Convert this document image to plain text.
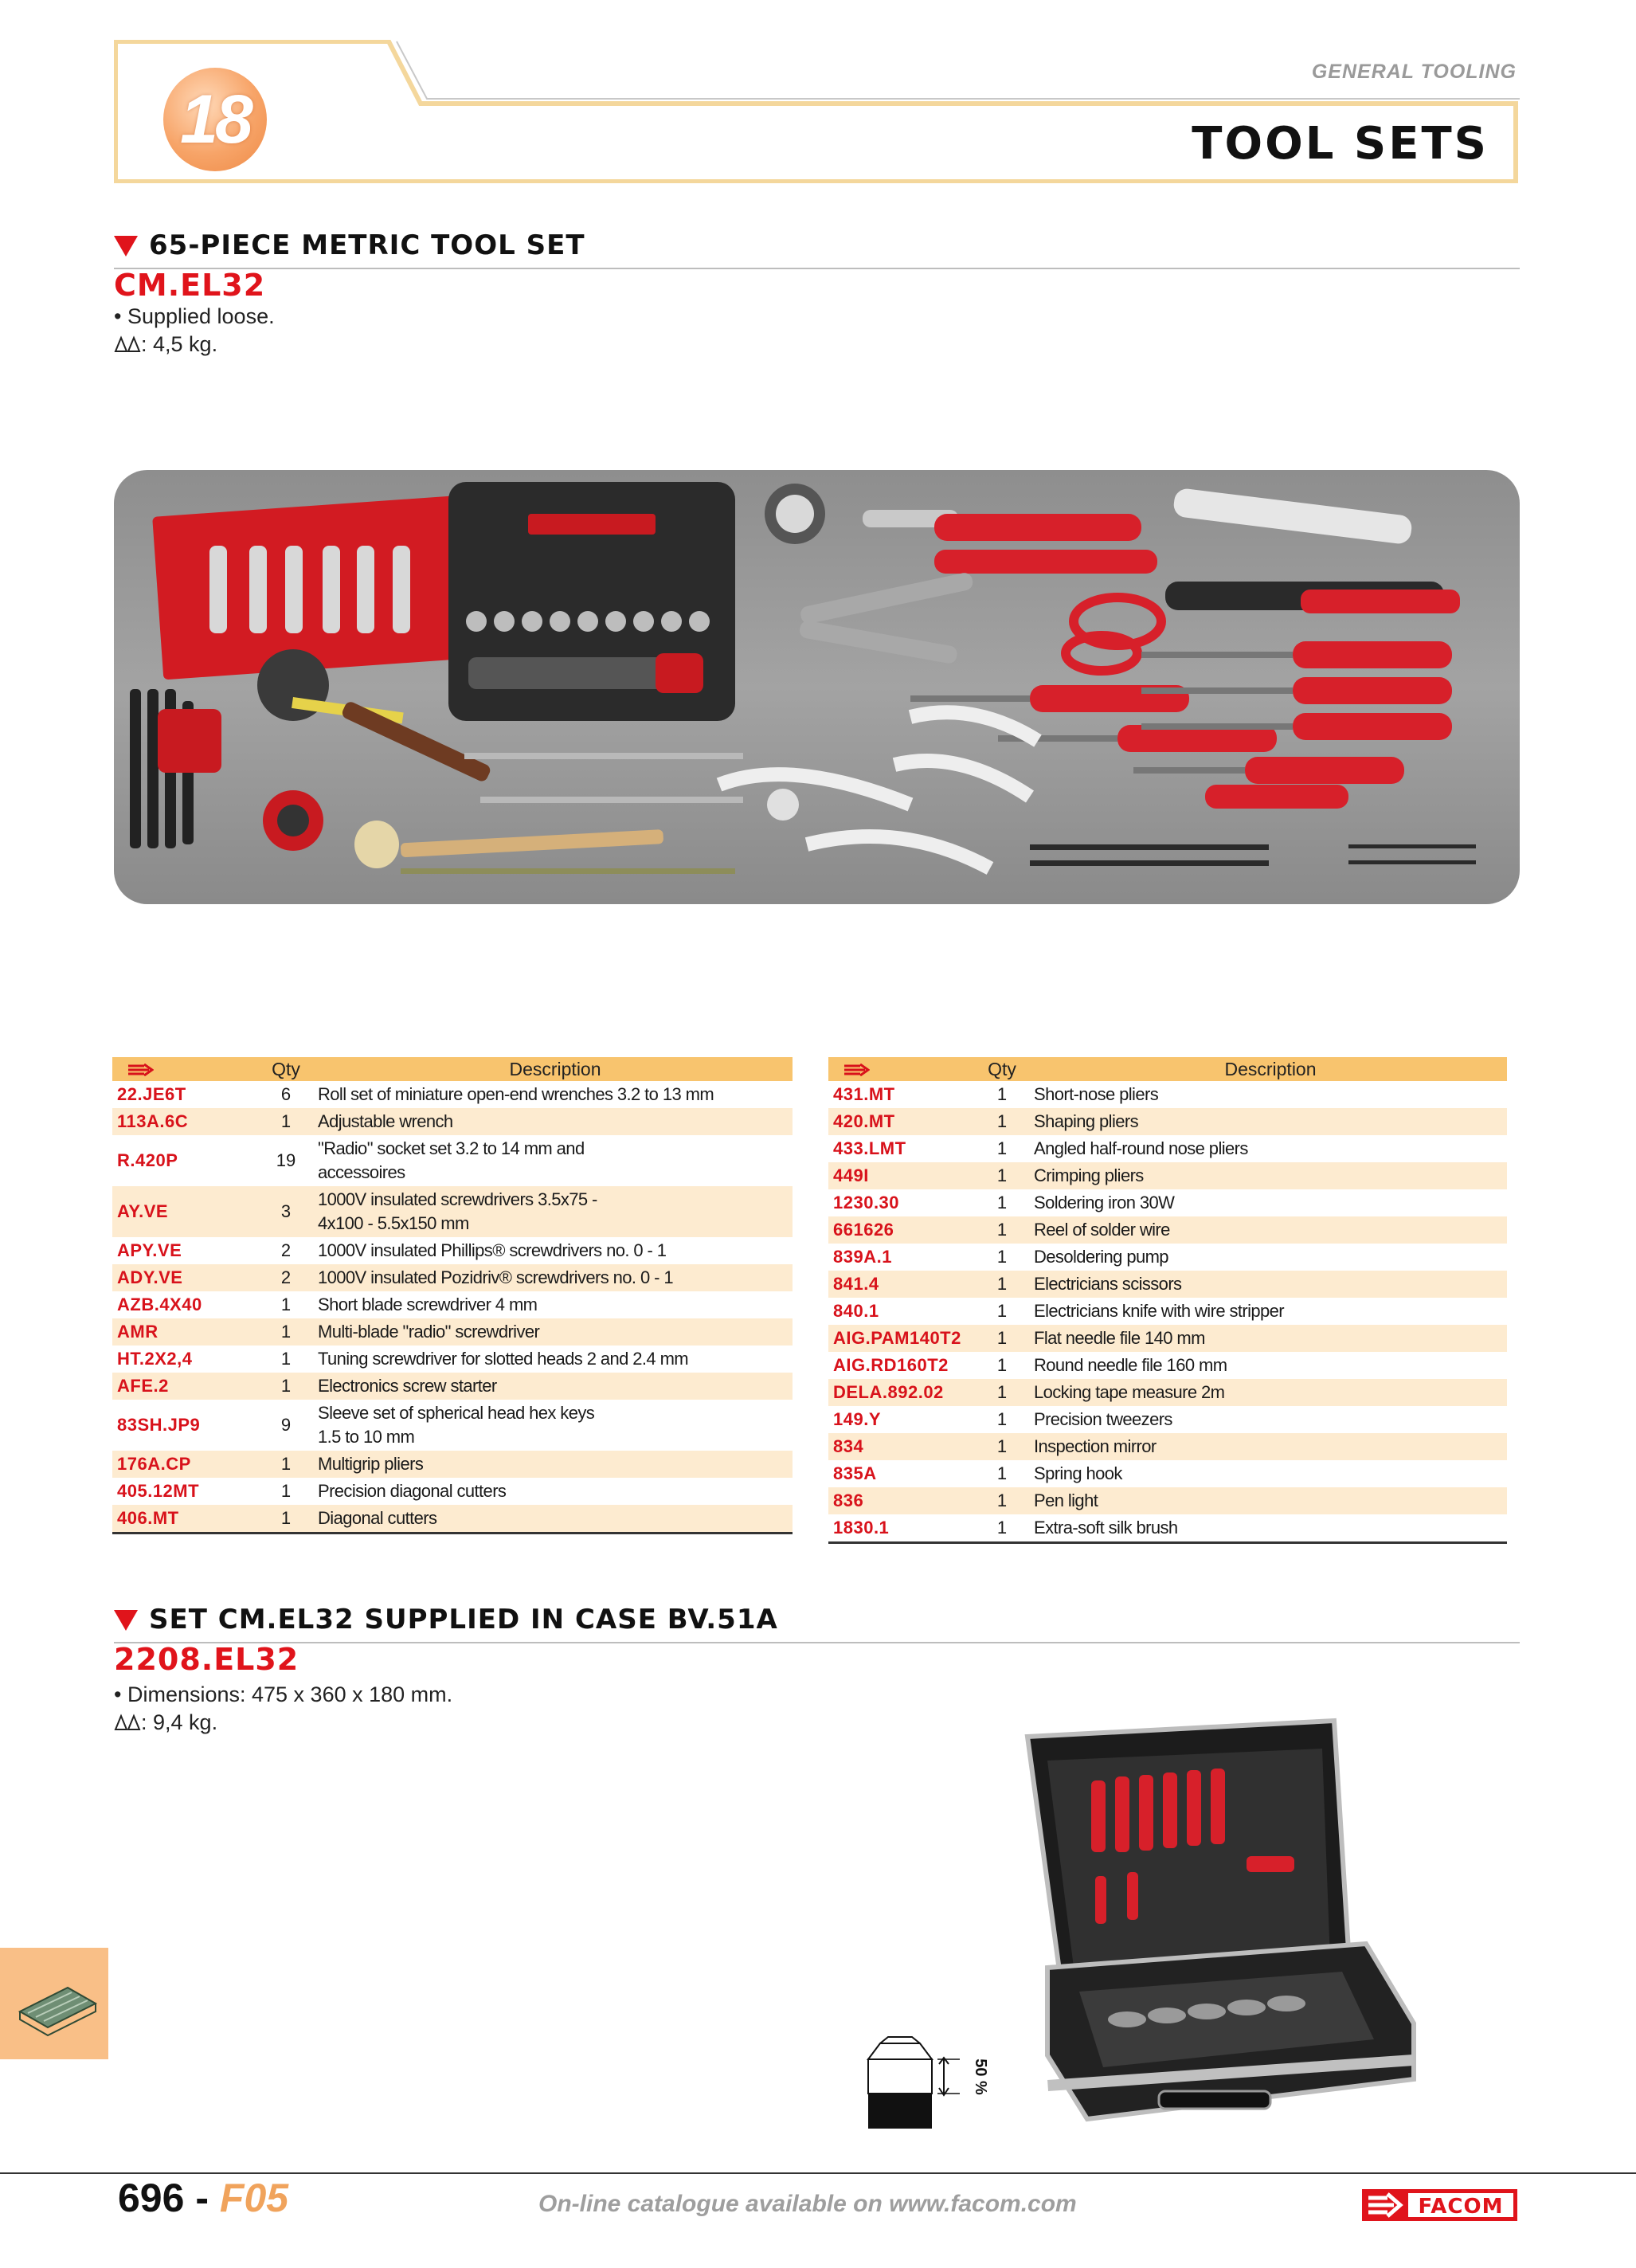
18
GENERAL TOOLING
TOOL SETS
65-PIECE METRIC TOOL SET
CM.EL32
• Supplied loose.
: 4,5 kg.
	Qty	Description
22.JE6T	6	Roll set of miniature open-end wrenches 3.2 to 13 mm

113A.6C	1	Adjustable wrench

R.420P	19	"Radio" socket set 3.2 to 14 mm and
accessoires

AY.VE	3	1000V insulated screwdrivers 3.5x75 -
4x100 - 5.5x150 mm

APY.VE	2	1000V insulated Phillips® screwdrivers no. 0 - 1

ADY.VE	2	1000V insulated Pozidriv® screwdrivers no. 0 - 1

AZB.4X40	1	Short blade screwdriver 4 mm

AMR	1	Multi-blade "radio" screwdriver

HT.2X2,4	1	Tuning screwdriver for slotted heads 2 and 2.4 mm

AFE.2	1	Electronics screw starter

83SH.JP9	9	Sleeve set of spherical head hex keys
1.5 to 10 mm

176A.CP	1	Multigrip pliers

405.12MT	1	Precision diagonal cutters

406.MT	1	Diagonal cutters
	Qty	Description
431.MT	1	Short-nose pliers

420.MT	1	Shaping pliers

433.LMT	1	Angled half-round nose pliers

449I	1	Crimping pliers

1230.30	1	Soldering iron 30W

661626	1	Reel of solder wire

839A.1	1	Desoldering pump

841.4	1	Electricians scissors

840.1	1	Electricians knife with wire stripper

AIG.PAM140T2	1	Flat needle file 140 mm

AIG.RD160T2	1	Round needle file 160 mm

DELA.892.02	1	Locking tape measure 2m

149.Y	1	Precision tweezers

834	1	Inspection mirror

835A	1	Spring hook

836	1	Pen light

1830.1	1	Extra-soft silk brush
SET CM.EL32 SUPPLIED IN CASE BV.51A
2208.EL32
• Dimensions: 475 x 360 x 180 mm.
: 9,4 kg.
50 %
696 - F05	On-line catalogue available on www.facom.com	FACOM
